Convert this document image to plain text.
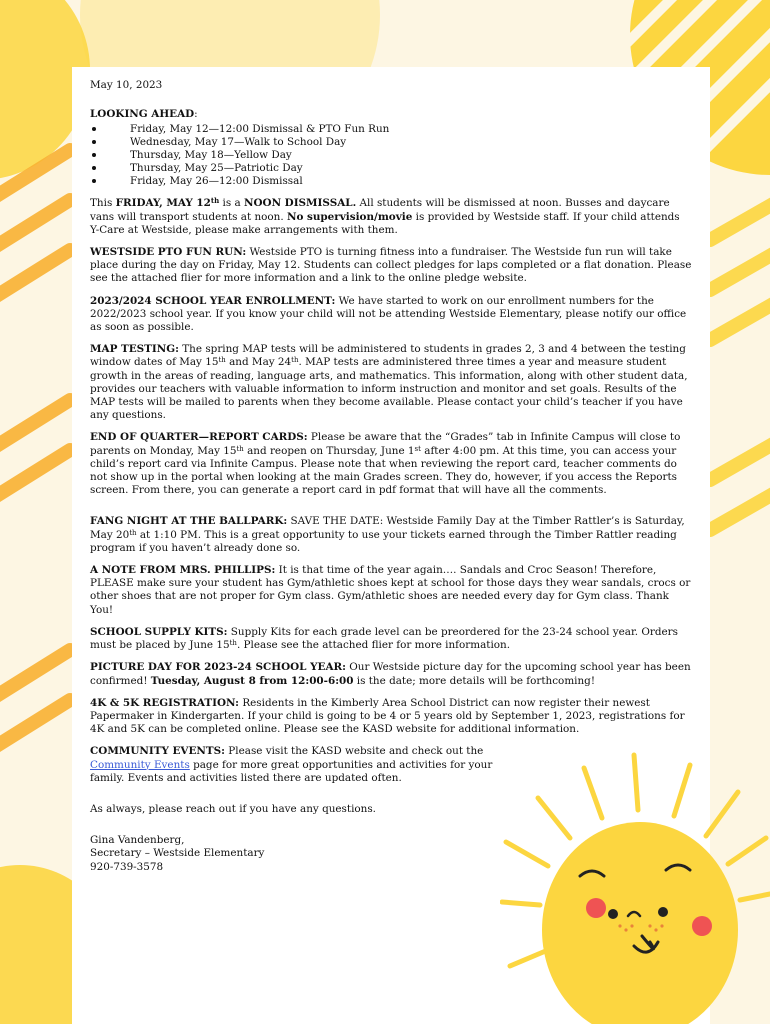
May 10, 2023

LOOKING AHEAD:
Friday, May 12—12:00 Dismissal & PTO Fun Run
Wednesday, May 17—Walk to School Day
Thursday, May 18—Yellow Day
Thursday, May 25—Patriotic Day
Friday, May 26—12:00 Dismissal

This FRIDAY, MAY 12th is a NOON DISMISSAL. All students will be dismissed at noon. Busses and daycare vans will transport students at noon. No supervision/movie is provided by Westside staff. If your child attends Y-Care at Westside, please make arrangements with them.

WESTSIDE PTO FUN RUN: Westside PTO is turning fitness into a fundraiser. The Westside fun run will take place during the day on Friday, May 12. Students can collect pledges for laps completed or a flat donation. Please see the attached flier for more information and a link to the online pledge website.

2023/2024 SCHOOL YEAR ENROLLMENT: We have started to work on our enrollment numbers for the 2022/2023 school year. If you know your child will not be attending Westside Elementary, please notify our office as soon as possible.

MAP TESTING: The spring MAP tests will be administered to students in grades 2, 3 and 4 between the testing window dates of May 15th and May 24th. MAP tests are administered three times a year and measure student growth in the areas of reading, language arts, and mathematics. This information, along with other student data, provides our teachers with valuable information to inform instruction and monitor and set goals. Results of the MAP tests will be mailed to parents when they become available. Please contact your child’s teacher if you have any questions.

END OF QUARTER—REPORT CARDS: Please be aware that the “Grades” tab in Infinite Campus will close to parents on Monday, May 15th and reopen on Thursday, June 1st after 4:00 pm. At this time, you can access your child’s report card via Infinite Campus. Please note that when reviewing the report card, teacher comments do not show up in the portal when looking at the main Grades screen. They do, however, if you access the Reports screen. From there, you can generate a report card in pdf format that will have all the comments.

FANG NIGHT AT THE BALLPARK: SAVE THE DATE: Westside Family Day at the Timber Rattler’s is Saturday, May 20th at 1:10 PM. This is a great opportunity to use your tickets earned through the Timber Rattler reading program if you haven’t already done so.

A NOTE FROM MRS. PHILLIPS: It is that time of the year again…. Sandals and Croc Season! Therefore, PLEASE make sure your student has Gym/athletic shoes kept at school for those days they wear sandals, crocs or other shoes that are not proper for Gym class. Gym/athletic shoes are needed every day for Gym class. Thank You!

SCHOOL SUPPLY KITS: Supply Kits for each grade level can be preordered for the 23-24 school year. Orders must be placed by June 15th. Please see the attached flier for more information.

PICTURE DAY FOR 2023-24 SCHOOL YEAR: Our Westside picture day for the upcoming school year has been confirmed! Tuesday, August 8 from 12:00-6:00 is the date; more details will be forthcoming!

4K & 5K REGISTRATION: Residents in the Kimberly Area School District can now register their newest Papermaker in Kindergarten. If your child is going to be 4 or 5 years old by September 1, 2023, registrations for 4K and 5K can be completed online. Please see the KASD website for additional information.

COMMUNITY EVENTS: Please visit the KASD website and check out the Community Events page for more great opportunities and activities for your family. Events and activities listed there are updated often.

As always, please reach out if you have any questions.

Gina Vandenberg,

Secretary – Westside Elementary

920-739-3578
